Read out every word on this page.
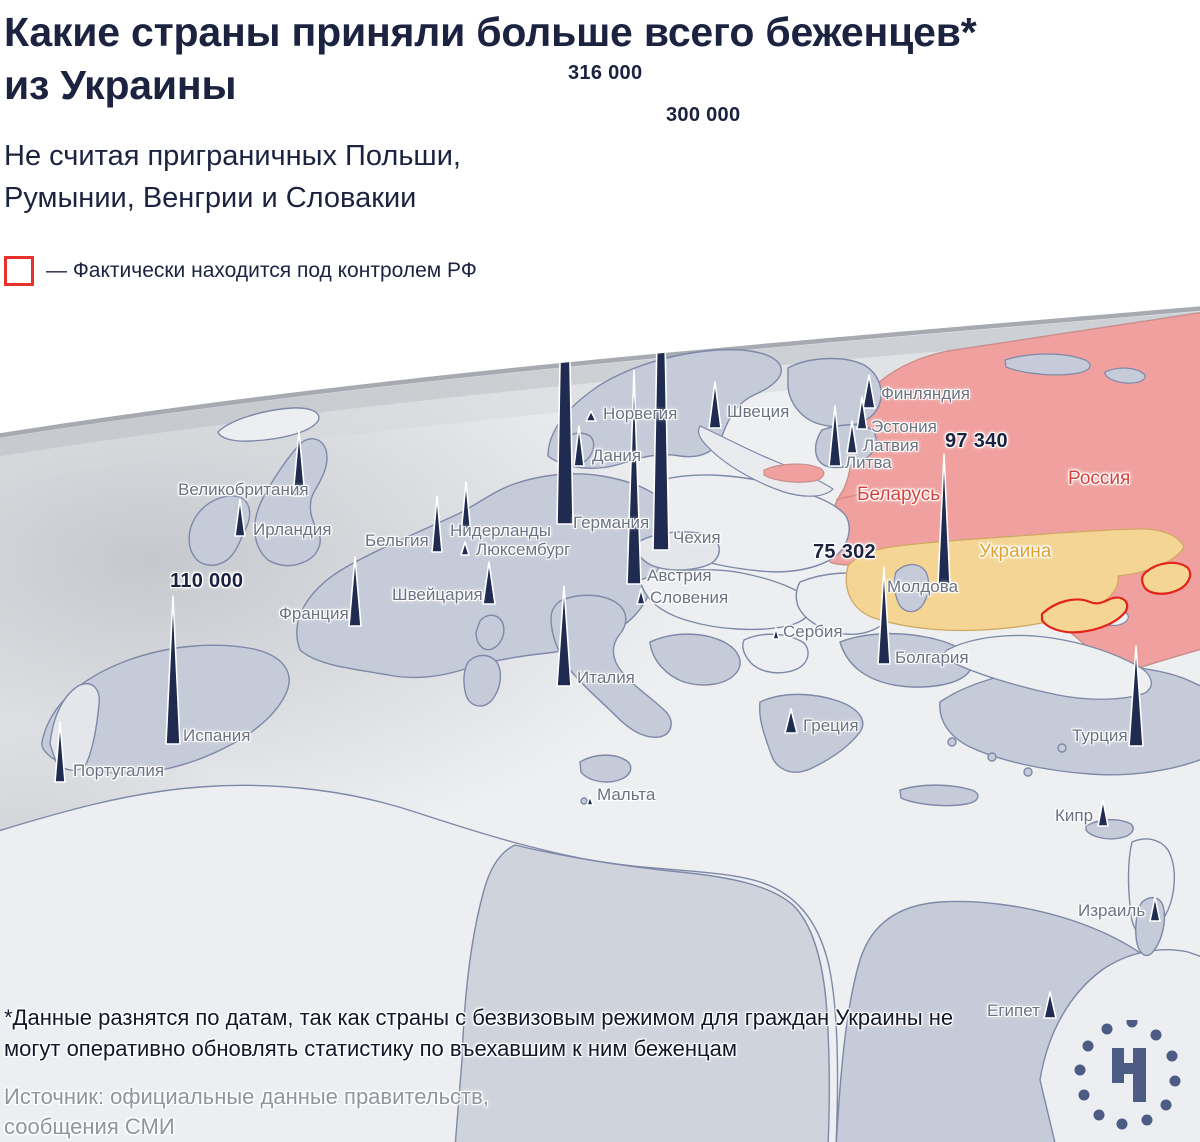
Норвегия	Швеция
Финляндия
Эстония
Латвия
Литва
Дания
Великобритания
Ирландия	Нидерланды
Бельгия	Люксембург
Германия
Чехия
Австрия
Словения
Швейцария
Франция
Испания
Португалия
Италия
Мальта
Сербия
Болгария
Греция
Турция
Кипр
Израиль
Египет
Молдова
Беларусь
Россия
Украина
316 000
300 000
110 000
97 340
75 302
Какие страны приняли больше всего беженцев*
из Украины
Не считая приграничных Польши,
Румынии, Венгрии и Словакии
— Фактически находится под контролем РФ
*Данные разнятся по датам, так как страны с безвизовым режимом для граждан Украины не могут оперативно обновлять статистику по въехавшим к ним беженцам
Источник: официальные данные правительств,
сообщения СМИ
